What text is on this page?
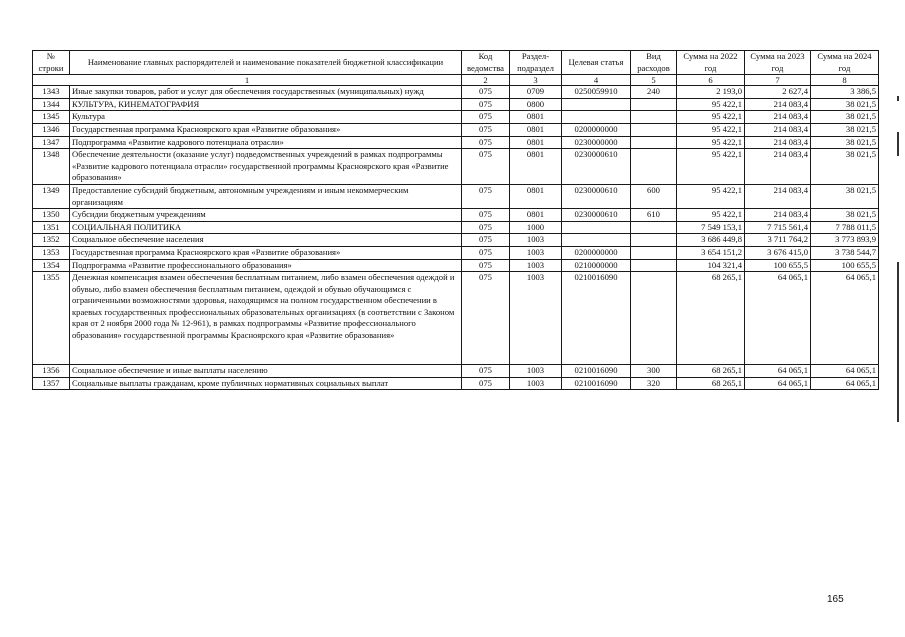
№ строки	Наименование главных распорядителей и наименование показателей бюджетной классификации	Код ведомства	Раздел-подраздел	Целевая статья	Вид расходов	Сумма на 2022 год	Сумма на 2023 год	Сумма на 2024 год
1		2	3	4	5	6	7	8
1343	Иные закупки товаров, работ и услуг для обеспечения государственных (муниципальных) нужд	075	0709	0250059910	240	2 193,0	2 627,4	3 386,5
1344	КУЛЬТУРА, КИНЕМАТОГРАФИЯ	075	0800			95 422,1	214 083,4	38 021,5
1345	Культура	075	0801			95 422,1	214 083,4	38 021,5
1346	Государственная программа Красноярского края «Развитие образования»	075	0801	0200000000		95 422,1	214 083,4	38 021,5
1347	Подпрограмма «Развитие кадрового потенциала отрасли»	075	0801	0230000000		95 422,1	214 083,4	38 021,5
1348	Обеспечение деятельности (оказание услуг) подведомственных учреждений в рамках подпрограммы «Развитие кадрового потенциала отрасли» государственной программы Красноярского края «Развитие образования»	075	0801	0230000610		95 422,1	214 083,4	38 021,5
1349	Предоставление субсидий бюджетным, автономным учреждениям и иным некоммерческим организациям	075	0801	0230000610	600	95 422,1	214 083,4	38 021,5
1350	Субсидии бюджетным учреждениям	075	0801	0230000610	610	95 422,1	214 083,4	38 021,5
1351	СОЦИАЛЬНАЯ ПОЛИТИКА	075	1000			7 549 153,1	7 715 561,4	7 788 011,5
1352	Социальное обеспечение населения	075	1003			3 686 449,8	3 711 764,2	3 773 893,9
1353	Государственная программа Красноярского края «Развитие образования»	075	1003	0200000000		3 654 151,2	3 676 415,0	3 738 544,7
1354	Подпрограмма «Развитие профессионального образования»	075	1003	0210000000		104 321,4	100 655,5	100 655,5
1355	Денежная компенсация взамен обеспечения бесплатным питанием, либо взамен обеспечения одеждой и обувью, либо взамен обеспечения бесплатным питанием, одеждой и обувью обучающимся с ограниченными возможностями здоровья, находящимся на полном государственном обеспечении в краевых государственных профессиональных образовательных организациях (в соответствии с Законом края от 2 ноября 2000 года № 12-961), в рамках подпрограммы «Развитие профессионального образования» государственной программы Красноярского края «Развитие образования»	075	1003	0210016090		68 265,1	64 065,1	64 065,1
1356	Социальное обеспечение и иные выплаты населению	075	1003	0210016090	300	68 265,1	64 065,1	64 065,1
1357	Социальные выплаты гражданам, кроме публичных нормативных социальных выплат	075	1003	0210016090	320	68 265,1	64 065,1	64 065,1
165
